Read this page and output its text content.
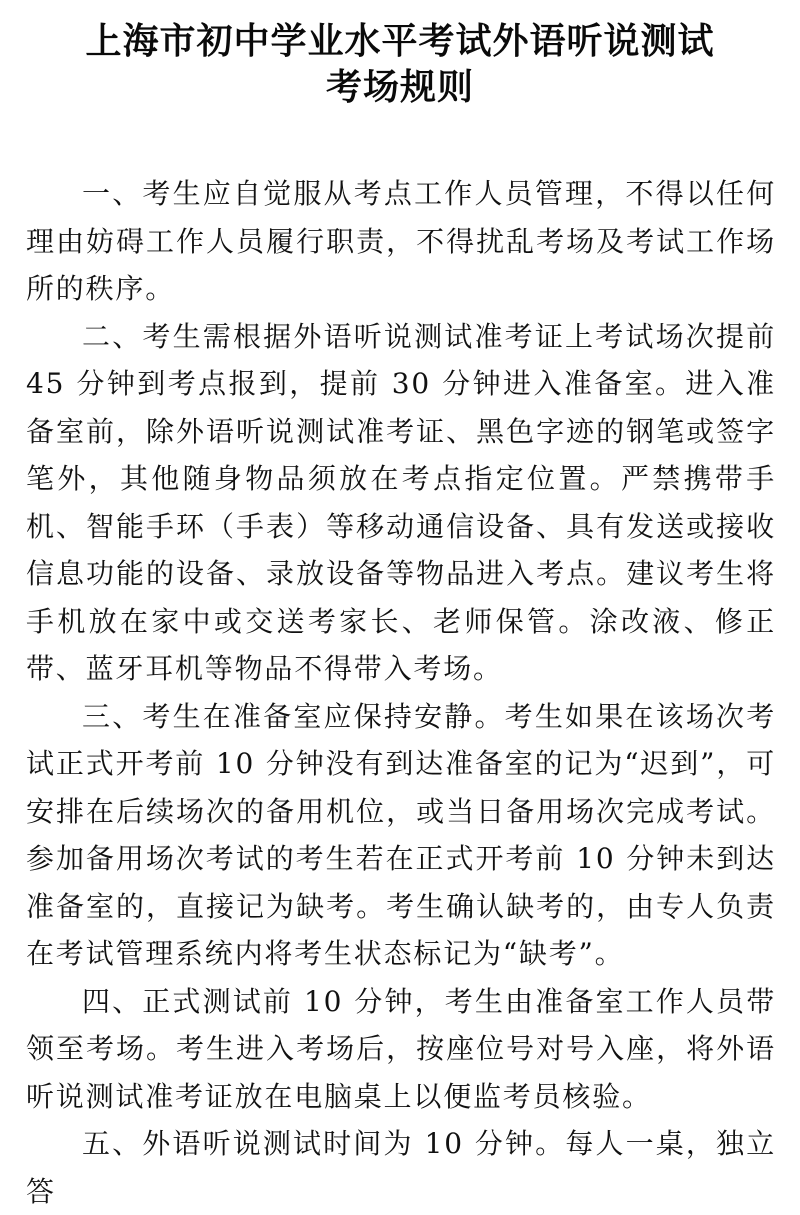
上海市初中学业水平考试外语听说测试
考场规则

一、考生应自觉服从考点工作人员管理，不得以任何理由妨碍工作人员履行职责，不得扰乱考场及考试工作场所的秩序。

二、考生需根据外语听说测试准考证上考试场次提前 45 分钟到考点报到，提前 30 分钟进入准备室。进入准备室前，除外语听说测试准考证、黑色字迹的钢笔或签字笔外，其他随身物品须放在考点指定位置。严禁携带手机、智能手环（手表）等移动通信设备、具有发送或接收信息功能的设备、录放设备等物品进入考点。建议考生将手机放在家中或交送考家长、老师保管。涂改液、修正带、蓝牙耳机等物品不得带入考场。

三、考生在准备室应保持安静。考生如果在该场次考试正式开考前 10 分钟没有到达准备室的记为“迟到”，可安排在后续场次的备用机位，或当日备用场次完成考试。参加备用场次考试的考生若在正式开考前 10 分钟未到达准备室的，直接记为缺考。考生确认缺考的，由专人负责在考试管理系统内将考生状态标记为“缺考”。

四、正式测试前 10 分钟，考生由准备室工作人员带领至考场。考生进入考场后，按座位号对号入座，将外语听说测试准考证放在电脑桌上以便监考员核验。

五、外语听说测试时间为 10 分钟。每人一桌，独立答
